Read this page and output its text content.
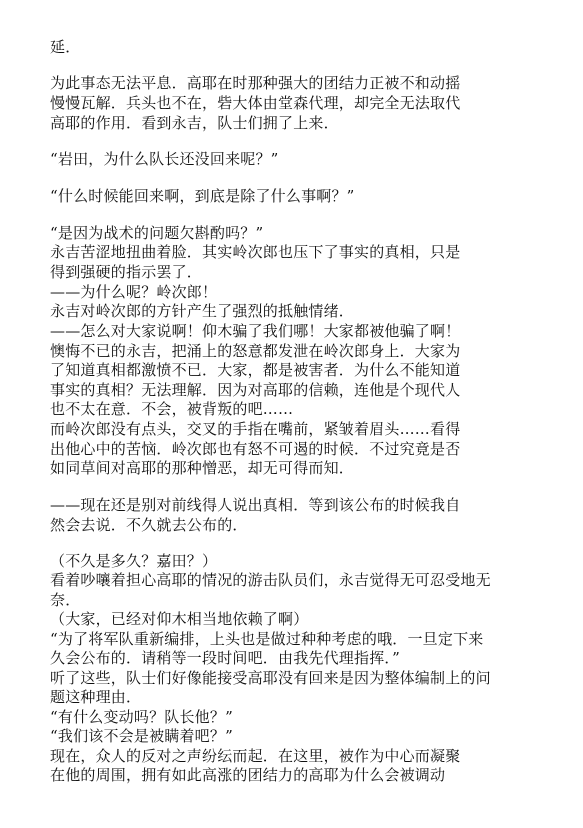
延．
为此事态无法平息．高耶在时那种强大的团结力正被不和动摇
慢慢瓦解．兵头也不在，砦大体由堂森代理，却完全无法取代
高耶的作用．看到永吉，队士们拥了上来．
“岩田，为什么队长还没回来呢？”
“什么时候能回来啊，到底是除了什么事啊？”
“是因为战术的问题欠斟酌吗？”
永吉苦涩地扭曲着脸．其实岭次郎也压下了事实的真相，只是
得到强硬的指示罢了．
——为什么呢？岭次郎！
永吉对岭次郎的方针产生了强烈的抵触情绪．
——怎么对大家说啊！仰木骗了我们哪！大家都被他骗了啊！
懊悔不已的永吉，把涌上的怒意都发泄在岭次郎身上．大家为
了知道真相都激愤不已．大家，都是被害者．为什么不能知道
事实的真相？无法理解．因为对高耶的信赖，连他是个现代人
也不太在意．不会，被背叛的吧……
而岭次郎没有点头，交叉的手指在嘴前，紧皱着眉头……看得
出他心中的苦恼．岭次郎也有怒不可遏的时候．不过究竟是否
如同草间对高耶的那种憎恶，却无可得而知．
——现在还是别对前线得人说出真相．等到该公布的时候我自
然会去说．不久就去公布的．
（不久是多久？嘉田？）
看着吵嚷着担心高耶的情况的游击队员们，永吉觉得无可忍受地无
奈．
（大家，已经对仰木相当地依赖了啊）
“为了将军队重新编排，上头也是做过种种考虑的哦．一旦定下来
久会公布的．请稍等一段时间吧．由我先代理指挥．”
听了这些，队士们好像能接受高耶没有回来是因为整体编制上的问
题这种理由．
“有什么变动吗？队长他？”
“我们该不会是被瞒着吧？”
现在，众人的反对之声纷纭而起．在这里，被作为中心而凝聚
在他的周围，拥有如此高涨的团结力的高耶为什么会被调动
